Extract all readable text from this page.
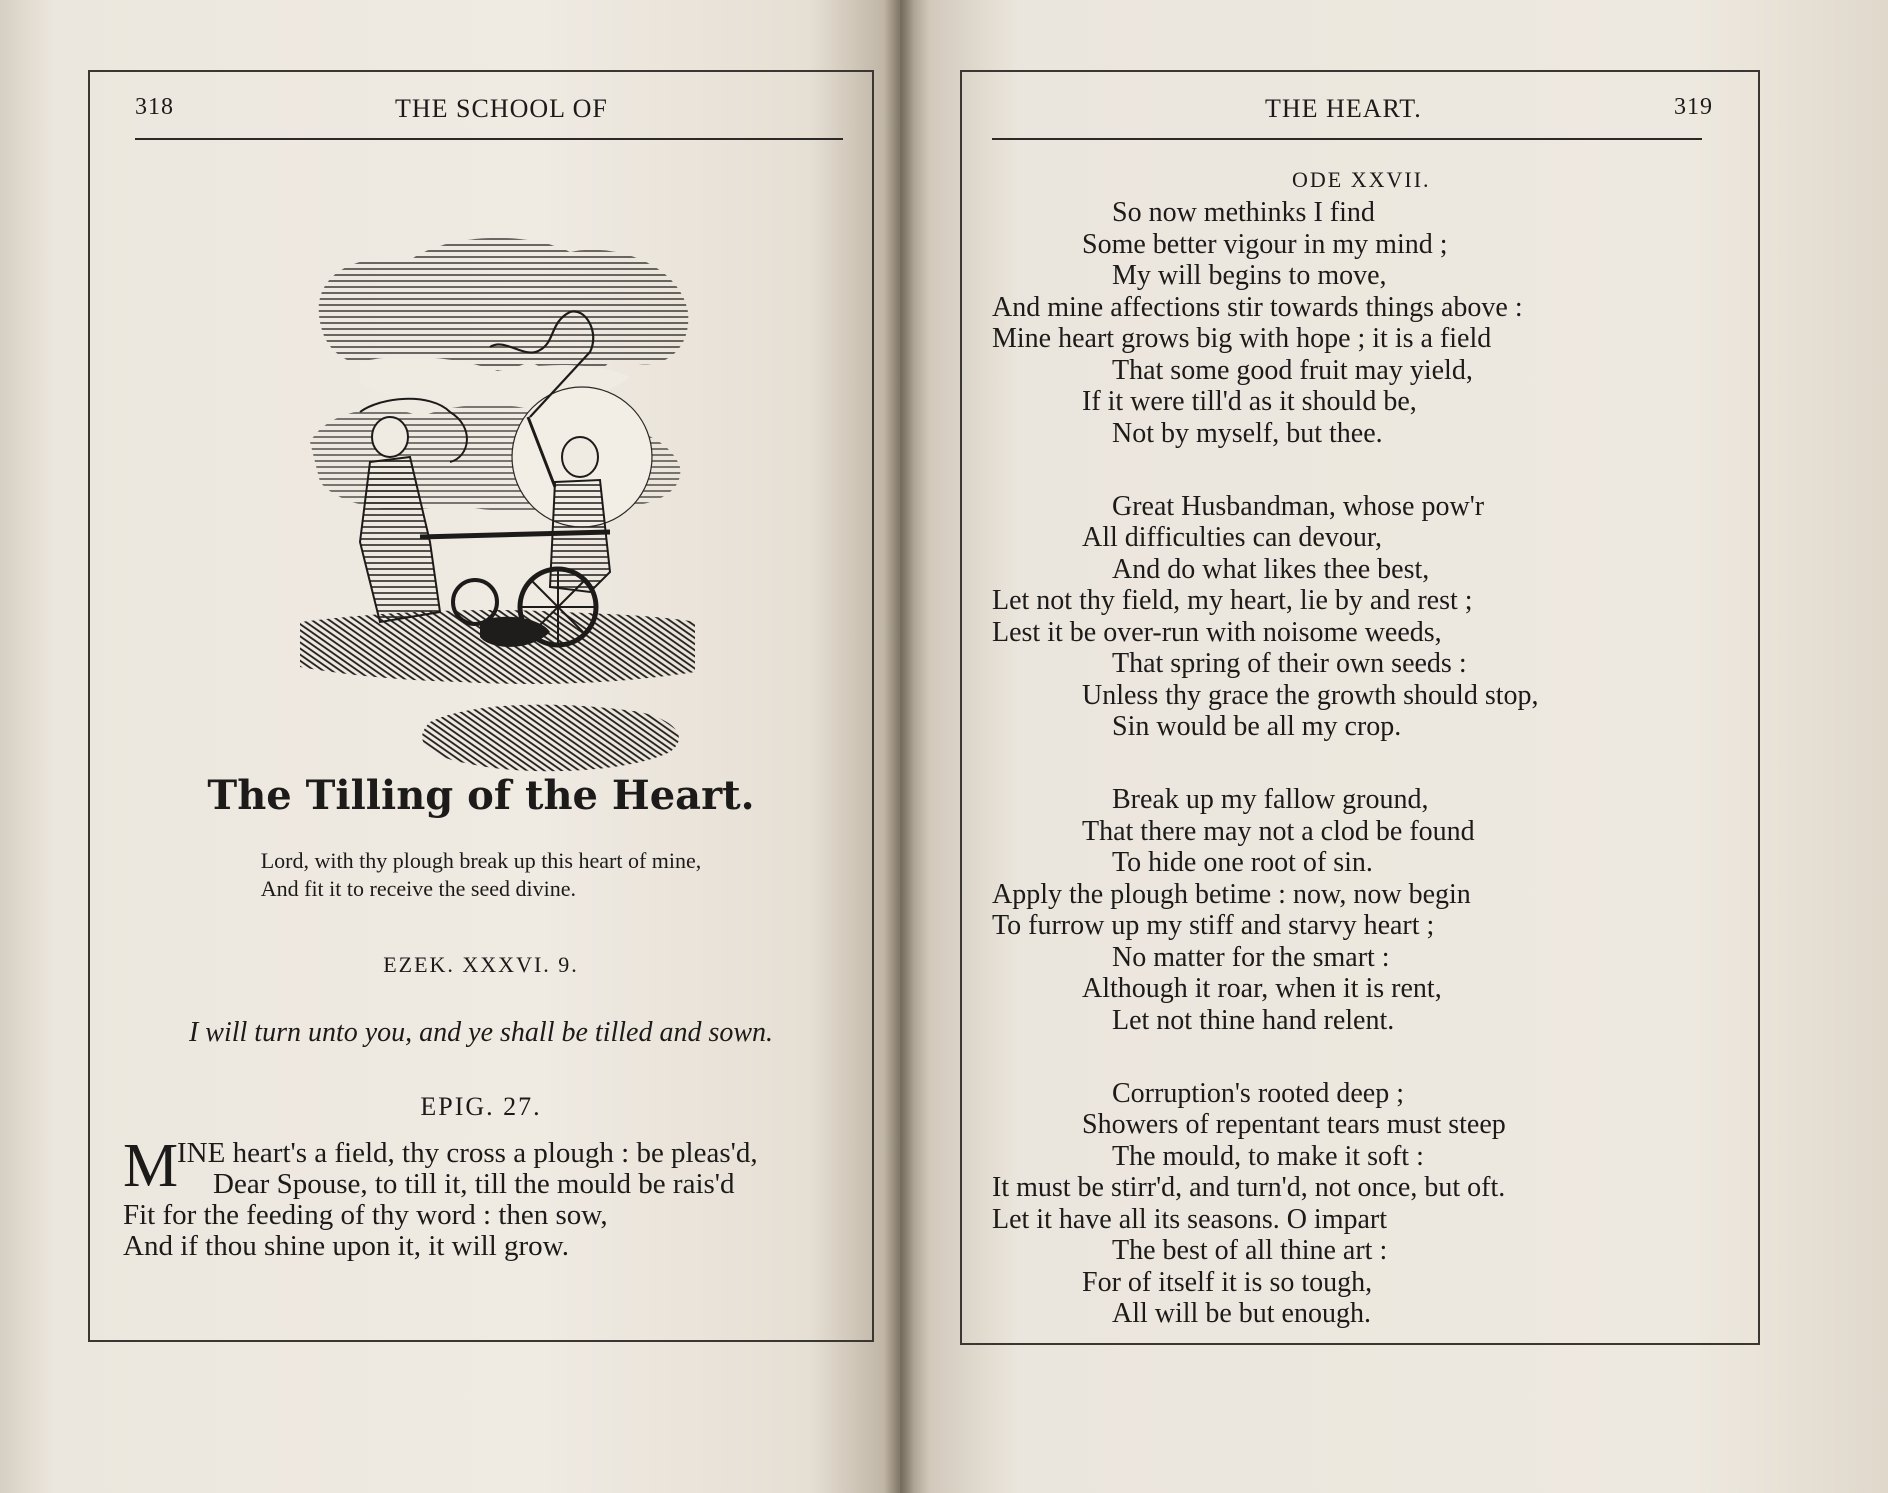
318	THE SCHOOL OF
The Tilling of the Heart.
Lord, with thy plough break up this heart of mine,
And fit it to receive the seed divine.
EZEK. XXXVI. 9.
I will turn unto you, and ye shall be tilled and sown.
EPIG. 27.
M
INE heart's a field, thy cross a plough : be pleas'd,
Dear Spouse, to till it, till the mould be rais'd
Fit for the feeding of thy word : then sow,
And if thou shine upon it, it will grow.
THE HEART.	319
ODE XXVII.
So now methinks I find
Some better vigour in my mind ;
My will begins to move,
And mine affections stir towards things above :
Mine heart grows big with hope ; it is a field
That some good fruit may yield,
If it were till'd as it should be,
Not by myself, but thee.
Great Husbandman, whose pow'r
All difficulties can devour,
And do what likes thee best,
Let not thy field, my heart, lie by and rest ;
Lest it be over-run with noisome weeds,
That spring of their own seeds :
Unless thy grace the growth should stop,
Sin would be all my crop.
Break up my fallow ground,
That there may not a clod be found
To hide one root of sin.
Apply the plough betime : now, now begin
To furrow up my stiff and starvy heart ;
No matter for the smart :
Although it roar, when it is rent,
Let not thine hand relent.
Corruption's rooted deep ;
Showers of repentant tears must steep
The mould, to make it soft :
It must be stirr'd, and turn'd, not once, but oft.
Let it have all its seasons. O impart
The best of all thine art :
For of itself it is so tough,
All will be but enough.
